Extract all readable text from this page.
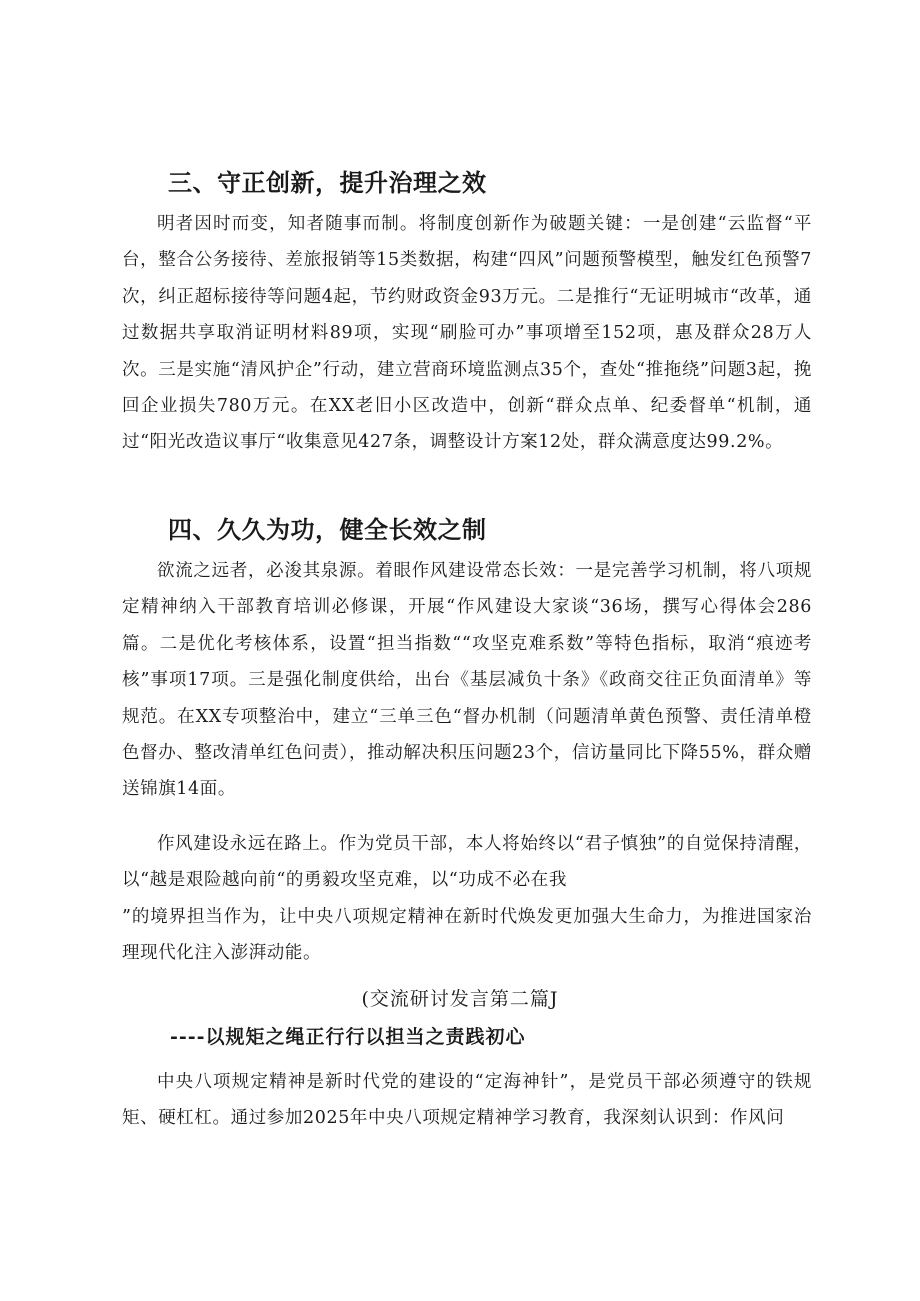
三、守正创新，提升治理之效

明者因时而变，知者随事而制。将制度创新作为破题关键：一是创建“云监督“平台，整合公务接待、差旅报销等15类数据，构建“四风”问题预警模型，触发红色预警7次，纠正超标接待等问题4起，节约财政资金93万元。二是推行“无证明城市“改革，通过数据共享取消证明材料89项，实现“刷脸可办”事项增至152项，惠及群众28万人次。三是实施“清风护企”行动，建立营商环境监测点35个，查处“推拖绕”问题3起，挽回企业损失780万元。在XX老旧小区改造中，创新“群众点单、纪委督单“机制，通过“阳光改造议事厅“收集意见427条，调整设计方案12处，群众满意度达99.2%。

四、久久为功，健全长效之制

欲流之远者，必浚其泉源。着眼作风建设常态长效：一是完善学习机制，将八项规定精神纳入干部教育培训必修课，开展“作风建设大家谈“36场，撰写心得体会286篇。二是优化考核体系，设置“担当指数““攻坚克难系数”等特色指标，取消“痕迹考核”事项17项。三是强化制度供给，出台《基层减负十条》《政商交往正负面清单》等规范。在XX专项整治中，建立“三单三色“督办机制（问题清单黄色预警、责任清单橙色督办、整改清单红色问责），推动解决积压问题23个，信访量同比下降55%，群众赠送锦旗14面。

作风建设永远在路上。作为党员干部，本人将始终以“君子慎独”的自觉保持清醒，以“越是艰险越向前“的勇毅攻坚克难，以“功成不必在我

”的境界担当作为，让中央八项规定精神在新时代焕发更加强大生命力，为推进国家治理现代化注入澎湃动能。

(交流研讨发言第二篇J

----以规矩之绳正行行以担当之责践初心

中央八项规定精神是新时代党的建设的“定海神针”，是党员干部必须遵守的铁规矩、硬杠杠。通过参加2025年中央八项规定精神学习教育，我深刻认识到：作风问
